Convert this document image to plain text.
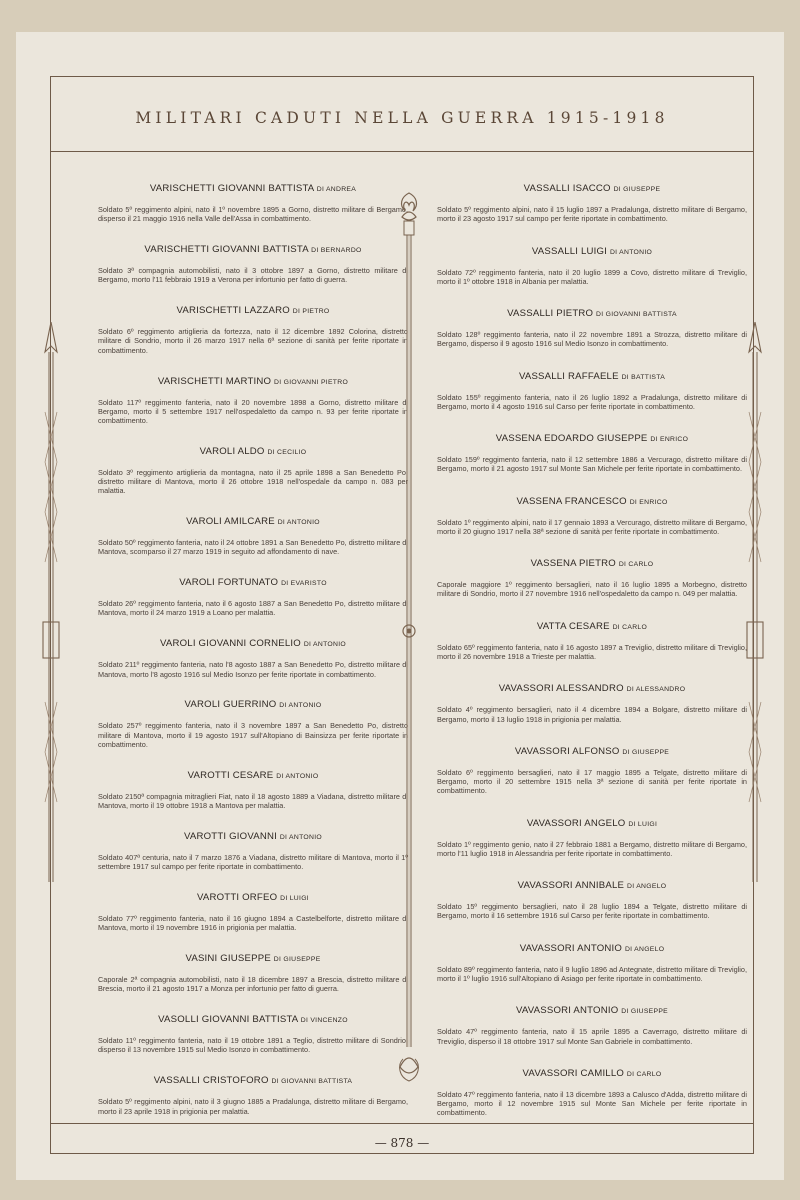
MILITARI CADUTI NELLA GUERRA 1915-1918
VARISCHETTI GIOVANNI BATTISTA DI ANDREA
Soldato 5º reggimento alpini, nato il 1º novembre 1895 a Gorno, distretto militare di Bergamo, disperso il 21 maggio 1916 nella Valle dell'Assa in combattimento.
VARISCHETTI GIOVANNI BATTISTA DI BERNARDO
Soldato 3ª compagnia automobilisti, nato il 3 ottobre 1897 a Gorno, distretto militare di Bergamo, morto l'11 febbraio 1919 a Verona per infortunio per fatto di guerra.
VARISCHETTI LAZZARO DI PIETRO
Soldato 6º reggimento artiglieria da fortezza, nato il 12 dicembre 1892 Colorina, distretto militare di Sondrio, morto il 26 marzo 1917 nella 6ª sezione di sanità per ferite riportate in combattimento.
VARISCHETTI MARTINO DI GIOVANNI PIETRO
Soldato 117º reggimento fanteria, nato il 20 novembre 1898 a Gorno, distretto militare di Bergamo, morto il 5 settembre 1917 nell'ospedaletto da campo n. 93 per ferite riportate in combattimento.
VAROLI ALDO DI CECILIO
Soldato 3º reggimento artiglieria da montagna, nato il 25 aprile 1898 a San Benedetto Po, distretto militare di Mantova, morto il 26 ottobre 1918 nell'ospedale da campo n. 083 per malattia.
VAROLI AMILCARE DI ANTONIO
Soldato 50º reggimento fanteria, nato il 24 ottobre 1891 a San Benedetto Po, distretto militare di Mantova, scomparso il 27 marzo 1919 in seguito ad affondamento di nave.
VAROLI FORTUNATO DI EVARISTO
Soldato 26º reggimento fanteria, nato il 6 agosto 1887 a San Benedetto Po, distretto militare di Mantova, morto il 24 marzo 1919 a Loano per malattia.
VAROLI GIOVANNI CORNELIO DI ANTONIO
Soldato 211º reggimento fanteria, nato l'8 agosto 1887 a San Benedetto Po, distretto militare di Mantova, morto l'8 agosto 1916 sul Medio Isonzo per ferite riportate in combattimento.
VAROLI GUERRINO DI ANTONIO
Soldato 257º reggimento fanteria, nato il 3 novembre 1897 a San Benedetto Po, distretto militare di Mantova, morto il 19 agosto 1917 sull'Altopiano di Bainsizza per ferite riportate in combattimento.
VAROTTI CESARE DI ANTONIO
Soldato 2150ª compagnia mitraglieri Fiat, nato il 18 agosto 1889 a Viadana, distretto militare di Mantova, morto il 19 ottobre 1918 a Mantova per malattia.
VAROTTI GIOVANNI DI ANTONIO
Soldato 407ª centuria, nato il 7 marzo 1876 a Viadana, distretto militare di Mantova, morto il 1º settembre 1917 sul campo per ferite riportate in combattimento.
VAROTTI ORFEO DI LUIGI
Soldato 77º reggimento fanteria, nato il 16 giugno 1894 a Castelbelforte, distretto militare di Mantova, morto il 19 novembre 1916 in prigionia per malattia.
VASINI GIUSEPPE DI GIUSEPPE
Caporale 2ª compagnia automobilisti, nato il 18 dicembre 1897 a Brescia, distretto militare di Brescia, morto il 21 agosto 1917 a Monza per infortunio per fatto di guerra.
VASOLLI GIOVANNI BATTISTA DI VINCENZO
Soldato 11º reggimento fanteria, nato il 19 ottobre 1891 a Teglio, distretto militare di Sondrio, disperso il 13 novembre 1915 sul Medio Isonzo in combattimento.
VASSALLI CRISTOFORO DI GIOVANNI BATTISTA
Soldato 5º reggimento alpini, nato il 3 giugno 1885 a Pradalunga, distretto militare di Bergamo, morto il 23 aprile 1918 in prigionia per malattia.
VASSALLI ISACCO DI GIUSEPPE
Soldato 5º reggimento alpini, nato il 15 luglio 1897 a Pradalunga, distretto militare di Bergamo, morto il 23 agosto 1917 sul campo per ferite riportate in combattimento.
VASSALLI LUIGI DI ANTONIO
Soldato 72º reggimento fanteria, nato il 20 luglio 1899 a Covo, distretto militare di Treviglio, morto il 1º ottobre 1918 in Albania per malattia.
VASSALLI PIETRO DI GIOVANNI BATTISTA
Soldato 128º reggimento fanteria, nato il 22 novembre 1891 a Strozza, distretto militare di Bergamo, disperso il 9 agosto 1916 sul Medio Isonzo in combattimento.
VASSALLI RAFFAELE DI BATTISTA
Soldato 155º reggimento fanteria, nato il 26 luglio 1892 a Pradalunga, distretto militare di Bergamo, morto il 4 agosto 1916 sul Carso per ferite riportate in combattimento.
VASSENA EDOARDO GIUSEPPE DI ENRICO
Soldato 159º reggimento fanteria, nato il 12 settembre 1886 a Vercurago, distretto militare di Bergamo, morto il 21 agosto 1917 sul Monte San Michele per ferite riportate in combattimento.
VASSENA FRANCESCO DI ENRICO
Soldato 1º reggimento alpini, nato il 17 gennaio 1893 a Vercurago, distretto militare di Bergamo, morto il 20 giugno 1917 nella 38ª sezione di sanità per ferite riportate in combattimento.
VASSENA PIETRO DI CARLO
Caporale maggiore 1º reggimento bersaglieri, nato il 16 luglio 1895 a Morbegno, distretto militare di Sondrio, morto il 27 novembre 1916 nell'ospedaletto da campo n. 049 per malattia.
VATTA CESARE DI CARLO
Soldato 65º reggimento fanteria, nato il 16 agosto 1897 a Treviglio, distretto militare di Treviglio, morto il 26 novembre 1918 a Trieste per malattia.
VAVASSORI ALESSANDRO DI ALESSANDRO
Soldato 4º reggimento bersaglieri, nato il 4 dicembre 1894 a Bolgare, distretto militare di Bergamo, morto il 13 luglio 1918 in prigionia per malattia.
VAVASSORI ALFONSO DI GIUSEPPE
Soldato 6º reggimento bersaglieri, nato il 17 maggio 1895 a Telgate, distretto militare di Bergamo, morto il 20 settembre 1915 nella 3ª sezione di sanità per ferite riportate in combattimento.
VAVASSORI ANGELO DI LUIGI
Soldato 1º reggimento genio, nato il 27 febbraio 1881 a Bergamo, distretto militare di Bergamo, morto l'11 luglio 1918 in Alessandria per ferite riportate in combattimento.
VAVASSORI ANNIBALE DI ANGELO
Soldato 15º reggimento bersaglieri, nato il 28 luglio 1894 a Telgate, distretto militare di Bergamo, morto il 16 settembre 1916 sul Carso per ferite riportate in combattimento.
VAVASSORI ANTONIO DI ANGELO
Soldato 89º reggimento fanteria, nato il 9 luglio 1896 ad Antegnate, distretto militare di Treviglio, morto il 1º luglio 1916 sull'Altopiano di Asiago per ferite riportate in combattimento.
VAVASSORI ANTONIO DI GIUSEPPE
Soldato 47º reggimento fanteria, nato il 15 aprile 1895 a Caverrago, distretto militare di Treviglio, disperso il 18 ottobre 1917 sul Monte San Gabriele in combattimento.
VAVASSORI CAMILLO DI CARLO
Soldato 47º reggimento fanteria, nato il 13 dicembre 1893 a Calusco d'Adda, distretto militare di Bergamo, morto il 12 novembre 1915 sul Monte San Michele per ferite riportate in combattimento.
— 878 —
